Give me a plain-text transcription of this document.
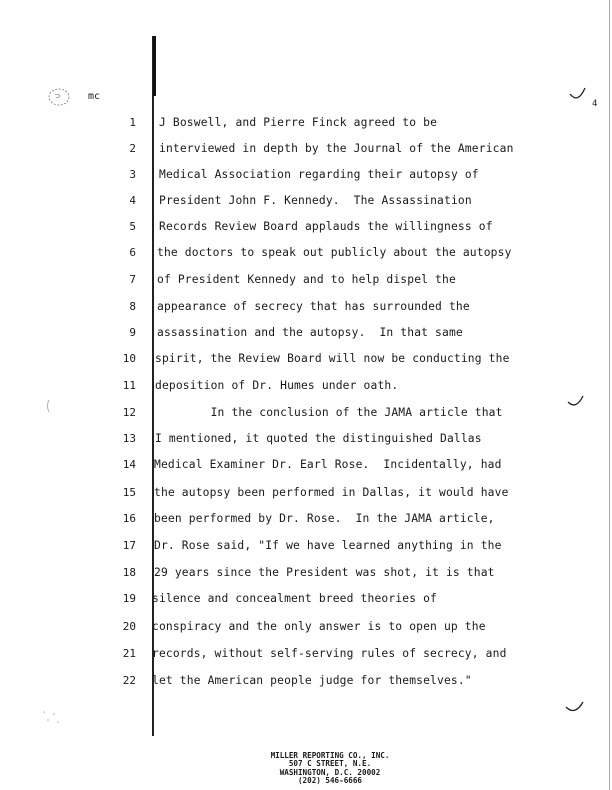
mc
4
1
2
3
4
5
6
7
8
9
10
11
12
13
14
15
16
17
18
19
20
21
22
J Boswell, and Pierre Finck agreed to be
interviewed in depth by the Journal of the American
Medical Association regarding their autopsy of
President John F. Kennedy.  The Assassination
Records Review Board applauds the willingness of
the doctors to speak out publicly about the autopsy
of President Kennedy and to help dispel the
appearance of secrecy that has surrounded the
assassination and the autopsy.  In that same
spirit, the Review Board will now be conducting the
deposition of Dr. Humes under oath.
In the conclusion of the JAMA article that
I mentioned, it quoted the distinguished Dallas
Medical Examiner Dr. Earl Rose.  Incidentally, had
the autopsy been performed in Dallas, it would have
been performed by Dr. Rose.  In the JAMA article,
Dr. Rose said, "If we have learned anything in the
29 years since the President was shot, it is that
silence and concealment breed theories of
conspiracy and the only answer is to open up the
records, without self-serving rules of secrecy, and
let the American people judge for themselves."
MILLER REPORTING CO., INC.
507 C STREET, N.E.
WASHINGTON, D.C. 20002
(202) 546-6666
